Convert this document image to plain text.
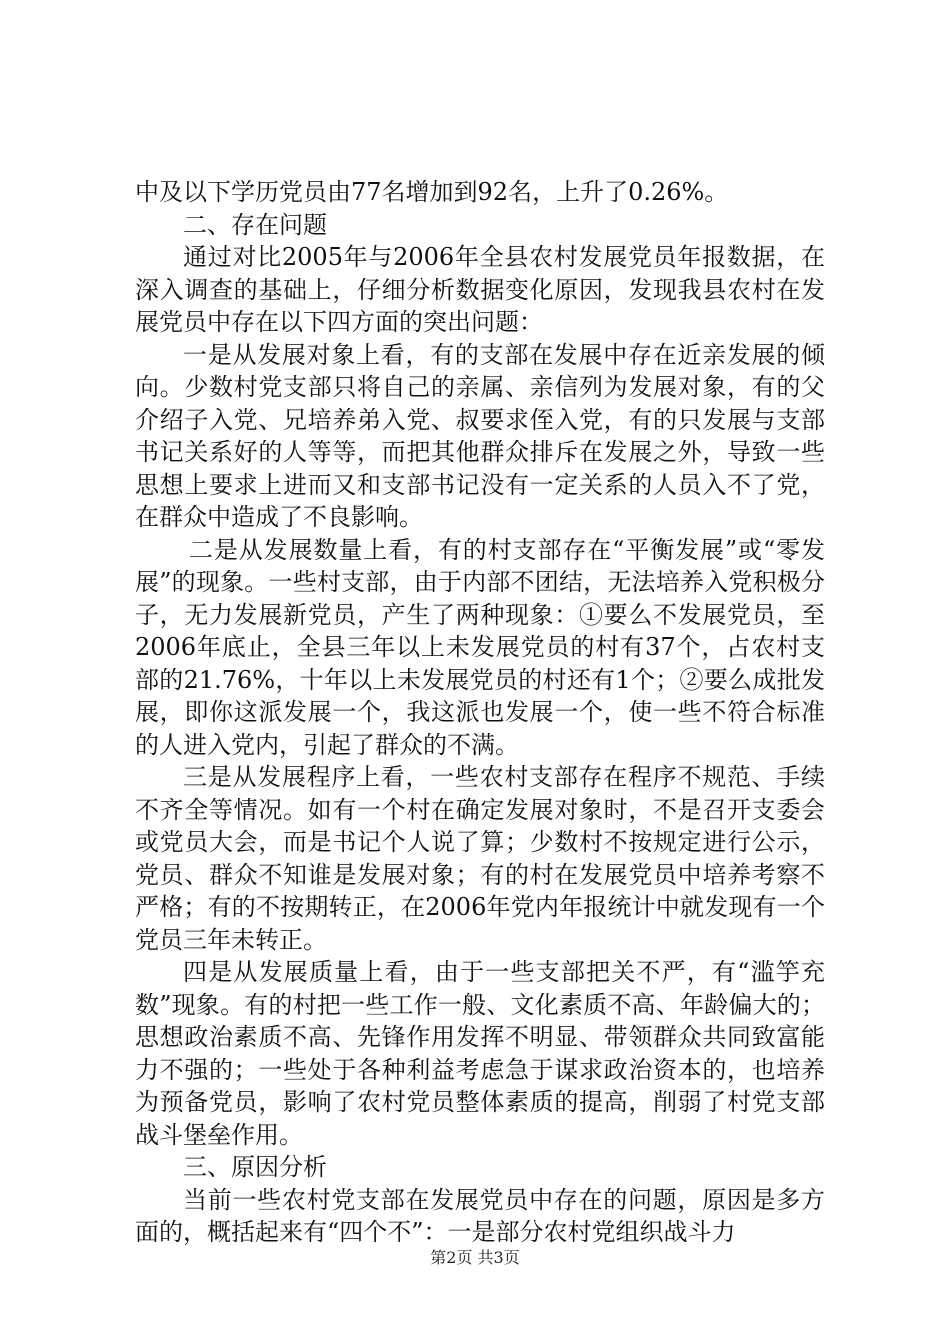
中及以下学历党员由77名增加到92名，上升了0.26%。

二、存在问题

通过对比2005年与2006年全县农村发展党员年报数据，在深入调查的基础上，仔细分析数据变化原因，发现我县农村在发展党员中存在以下四方面的突出问题：

一是从发展对象上看，有的支部在发展中存在近亲发展的倾向。少数村党支部只将自己的亲属、亲信列为发展对象，有的父介绍子入党、兄培养弟入党、叔要求侄入党，有的只发展与支部书记关系好的人等等，而把其他群众排斥在发展之外，导致一些思想上要求上进而又和支部书记没有一定关系的人员入不了党，在群众中造成了不良影响。

二是从发展数量上看，有的村支部存在“平衡发展”或“零发展”的现象。一些村支部，由于内部不团结，无法培养入党积极分子，无力发展新党员，产生了两种现象：①要么不发展党员，至2006年底止，全县三年以上未发展党员的村有37个，占农村支部的21.76%，十年以上未发展党员的村还有1个；②要么成批发展，即你这派发展一个，我这派也发展一个，使一些不符合标准的人进入党内，引起了群众的不满。

三是从发展程序上看，一些农村支部存在程序不规范、手续不齐全等情况。如有一个村在确定发展对象时，不是召开支委会或党员大会，而是书记个人说了算；少数村不按规定进行公示，党员、群众不知谁是发展对象；有的村在发展党员中培养考察不严格；有的不按期转正，在2006年党内年报统计中就发现有一个党员三年未转正。

四是从发展质量上看，由于一些支部把关不严，有“滥竽充数”现象。有的村把一些工作一般、文化素质不高、年龄偏大的；思想政治素质不高、先锋作用发挥不明显、带领群众共同致富能力不强的；一些处于各种利益考虑急于谋求政治资本的，也培养为预备党员，影响了农村党员整体素质的提高，削弱了村党支部战斗堡垒作用。

三、原因分析

当前一些农村党支部在发展党员中存在的问题，原因是多方面的，概括起来有“四个不”：一是部分农村党组织战斗力

第2页 共3页
